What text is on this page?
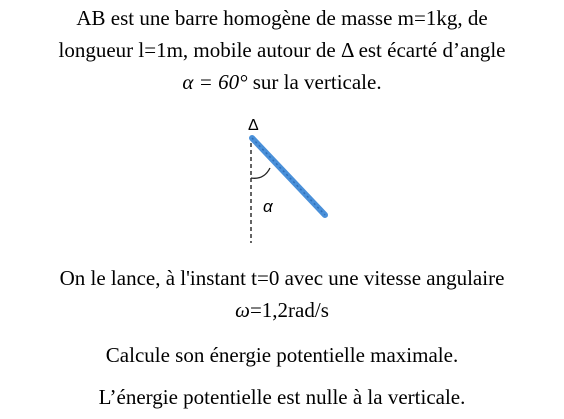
AB est une barre homogène de masse m=1kg, de
longueur l=1m, mobile autour de Δ est écarté d’angle
α = 60° sur la verticale.
Δ
α
On le lance, à l'instant t=0 avec une vitesse angulaire
ω=1,2rad/s
Calcule son énergie potentielle maximale.
L’énergie potentielle est nulle à la verticale.
